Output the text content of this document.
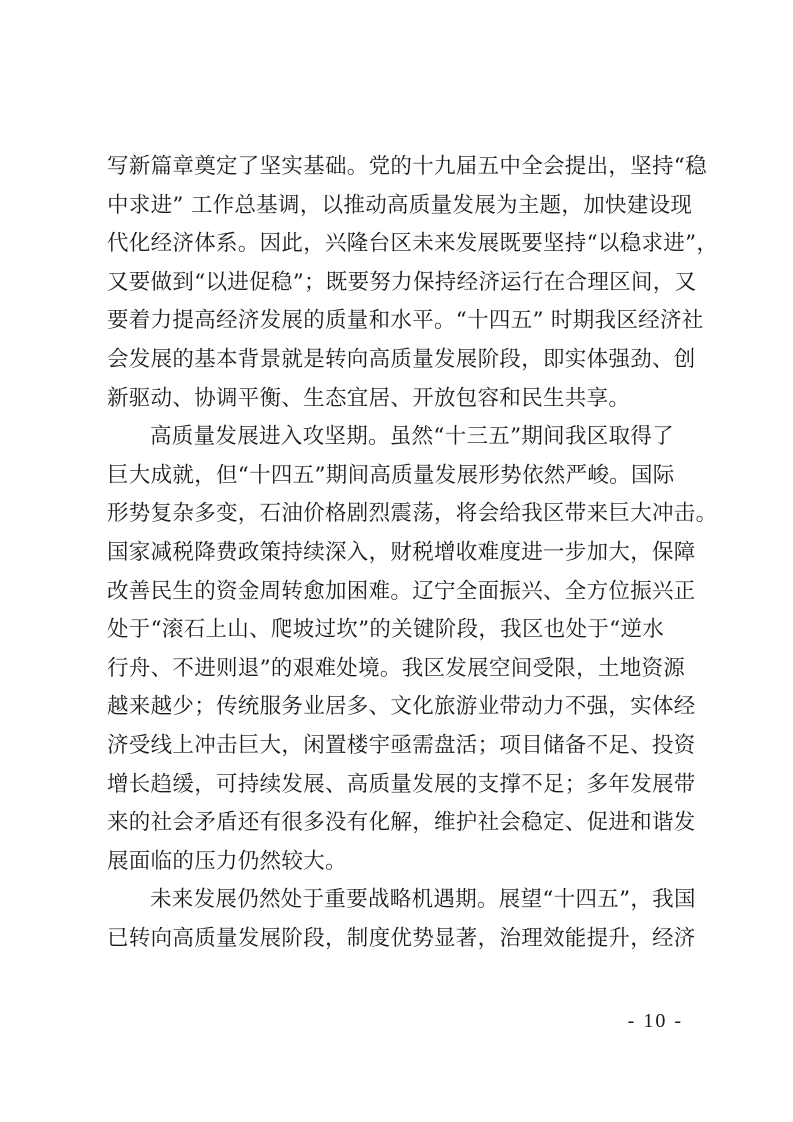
写新篇章奠定了坚实基础。党的十九届五中全会提出，坚持“稳
中求进” 工作总基调，以推动高质量发展为主题，加快建设现
代化经济体系。因此，兴隆台区未来发展既要坚持“以稳求进”，
又要做到“以进促稳”；既要努力保持经济运行在合理区间，又
要着力提高经济发展的质量和水平。“十四五” 时期我区经济社
会发展的基本背景就是转向高质量发展阶段，即实体强劲、创
新驱动、协调平衡、生态宜居、开放包容和民生共享。
高质量发展进入攻坚期。虽然“十三五”期间我区取得了
巨大成就，但“十四五”期间高质量发展形势依然严峻。国际
形势复杂多变，石油价格剧烈震荡，将会给我区带来巨大冲击。
国家减税降费政策持续深入，财税增收难度进一步加大，保障
改善民生的资金周转愈加困难。辽宁全面振兴、全方位振兴正
处于“滚石上山、爬坡过坎”的关键阶段，我区也处于“逆水
行舟、不进则退”的艰难处境。我区发展空间受限，土地资源
越来越少；传统服务业居多、文化旅游业带动力不强，实体经
济受线上冲击巨大，闲置楼宇亟需盘活；项目储备不足、投资
增长趋缓，可持续发展、高质量发展的支撑不足；多年发展带
来的社会矛盾还有很多没有化解，维护社会稳定、促进和谐发
展面临的压力仍然较大。
未来发展仍然处于重要战略机遇期。展望“十四五”，我国
已转向高质量发展阶段，制度优势显著，治理效能提升，经济
- 10 -
